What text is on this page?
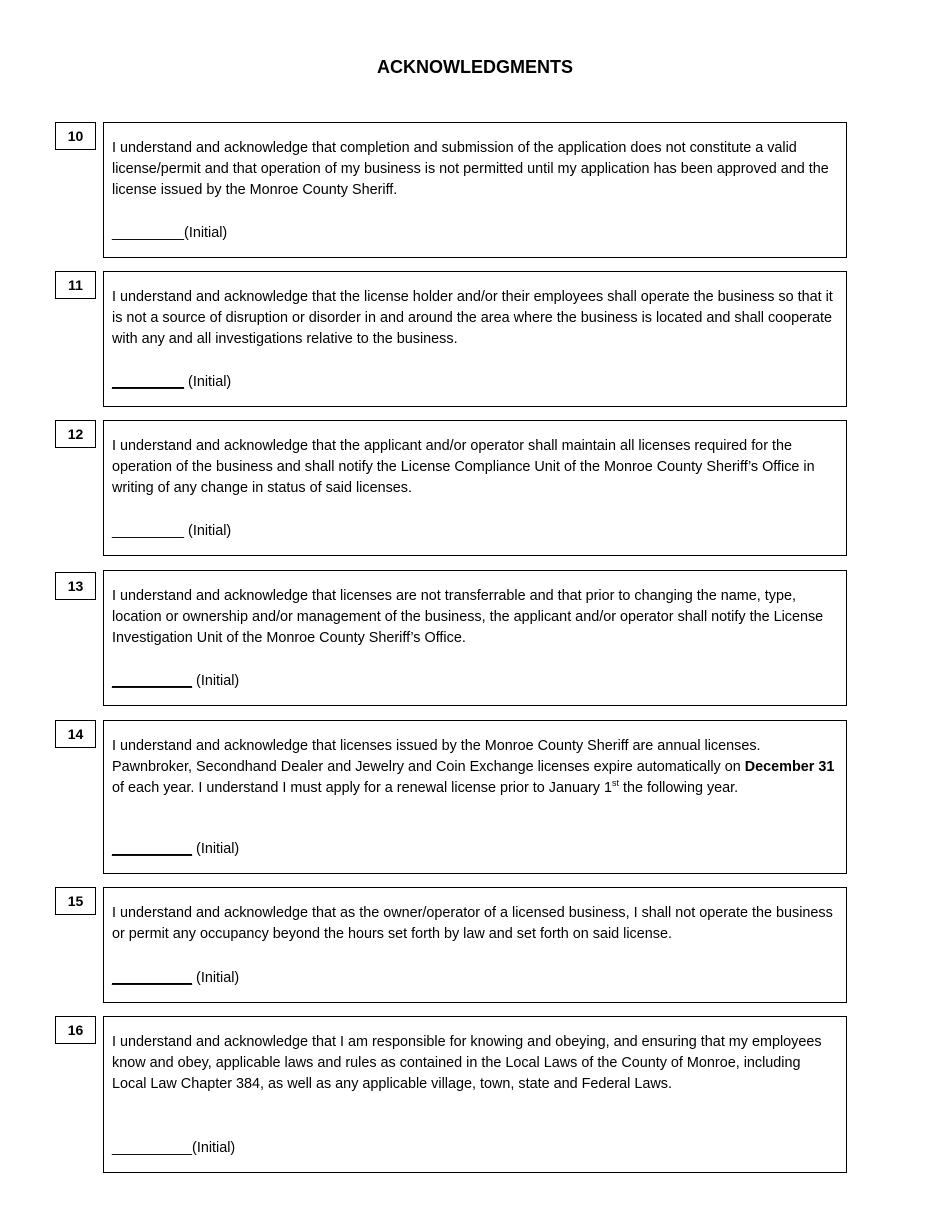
ACKNOWLEDGMENTS
10

I understand and acknowledge that completion and submission of the application does not constitute a valid license/permit and that operation of my business is not permitted until my application has been approved and the license issued by the Monroe County Sheriff.

_________(Initial)
11

I understand and acknowledge that the license holder and/or their employees shall operate the business so that it is not a source of disruption or disorder in and around the area where the business is located and shall cooperate with any and all investigations relative to the business.

_________ (Initial)
12

I understand and acknowledge that the applicant and/or operator shall maintain all licenses required for the operation of the business and shall notify the License Compliance Unit of the Monroe County Sheriff’s Office in writing of any change in status of said licenses.

_________ (Initial)
13

I understand and acknowledge that licenses are not transferrable and that prior to changing the name, type, location or ownership and/or management of the business, the applicant and/or operator shall notify the License Investigation Unit of the Monroe County Sheriff’s Office.

__________ (Initial)
14

I understand and acknowledge that licenses issued by the Monroe County Sheriff are annual licenses. Pawnbroker, Secondhand Dealer and Jewelry and Coin Exchange licenses expire automatically on December 31 of each year. I understand I must apply for a renewal license prior to January 1st the following year.

__________ (Initial)
15

I understand and acknowledge that as the owner/operator of a licensed business, I shall not operate the business or permit any occupancy beyond the hours set forth by law and set forth on said license.

__________ (Initial)
16

I understand and acknowledge that I am responsible for knowing and obeying, and ensuring that my employees know and obey, applicable laws and rules as contained in the Local Laws of the County of Monroe, including Local Law Chapter 384, as well as any applicable village, town, state and Federal Laws.

__________(Initial)
